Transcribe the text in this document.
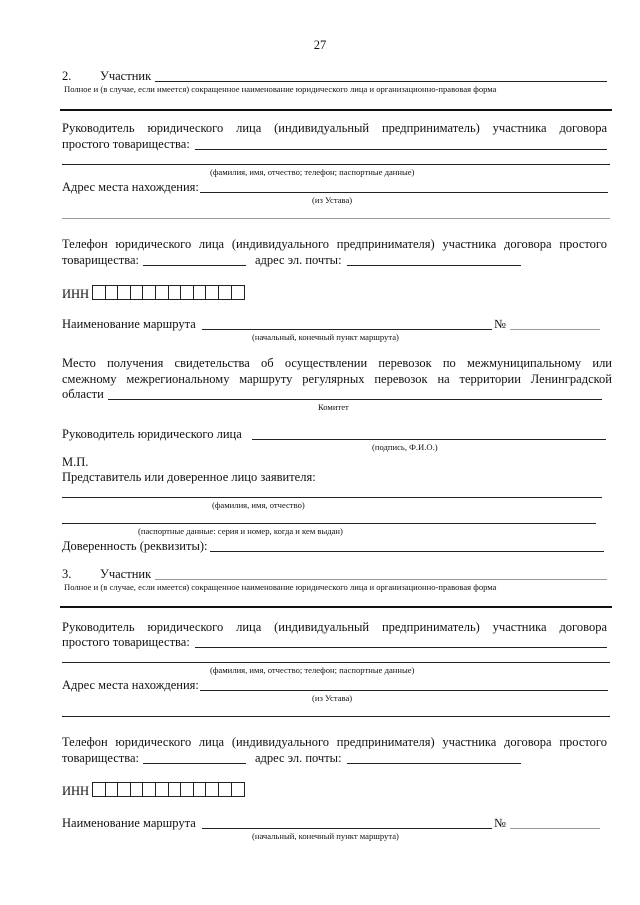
27
2. Участник
Полное и (в случае, если имеется) сокращенное наименование юридического лица и организационно-правовая форма
Руководитель юридического лица (индивидуальный предприниматель) участника договора
простого товарищества:
(фамилия, имя, отчество; телефон; паспортные данные)
Адрес места нахождения:
(из Устава)
Телефон юридического лица (индивидуального предпринимателя) участника договора простого
товарищества:	адрес эл. почты:
ИНН
Наименование маршрута	№
(начальный, конечный пункт маршрута)
Место получения свидетельства об осуществлении перевозок по межмуниципальному или
смежному межрегиональному маршруту регулярных перевозок на территории Ленинградской
области
Комитет
Руководитель юридического лица
(подпись, Ф.И.О.)
М.П.
Представитель или доверенное лицо заявителя:
(фамилия, имя, отчество)
(паспортные данные: серия и номер, когда и кем выдан)
Доверенность (реквизиты):
3. Участник
Полное и (в случае, если имеется) сокращенное наименование юридического лица и организационно-правовая форма
Руководитель юридического лица (индивидуальный предприниматель) участника договора
простого товарищества:
(фамилия, имя, отчество; телефон; паспортные данные)
Адрес места нахождения:
(из Устава)
Телефон юридического лица (индивидуального предпринимателя) участника договора простого
товарищества:	адрес эл. почты:
ИНН
Наименование маршрута	№
(начальный, конечный пункт маршрута)
